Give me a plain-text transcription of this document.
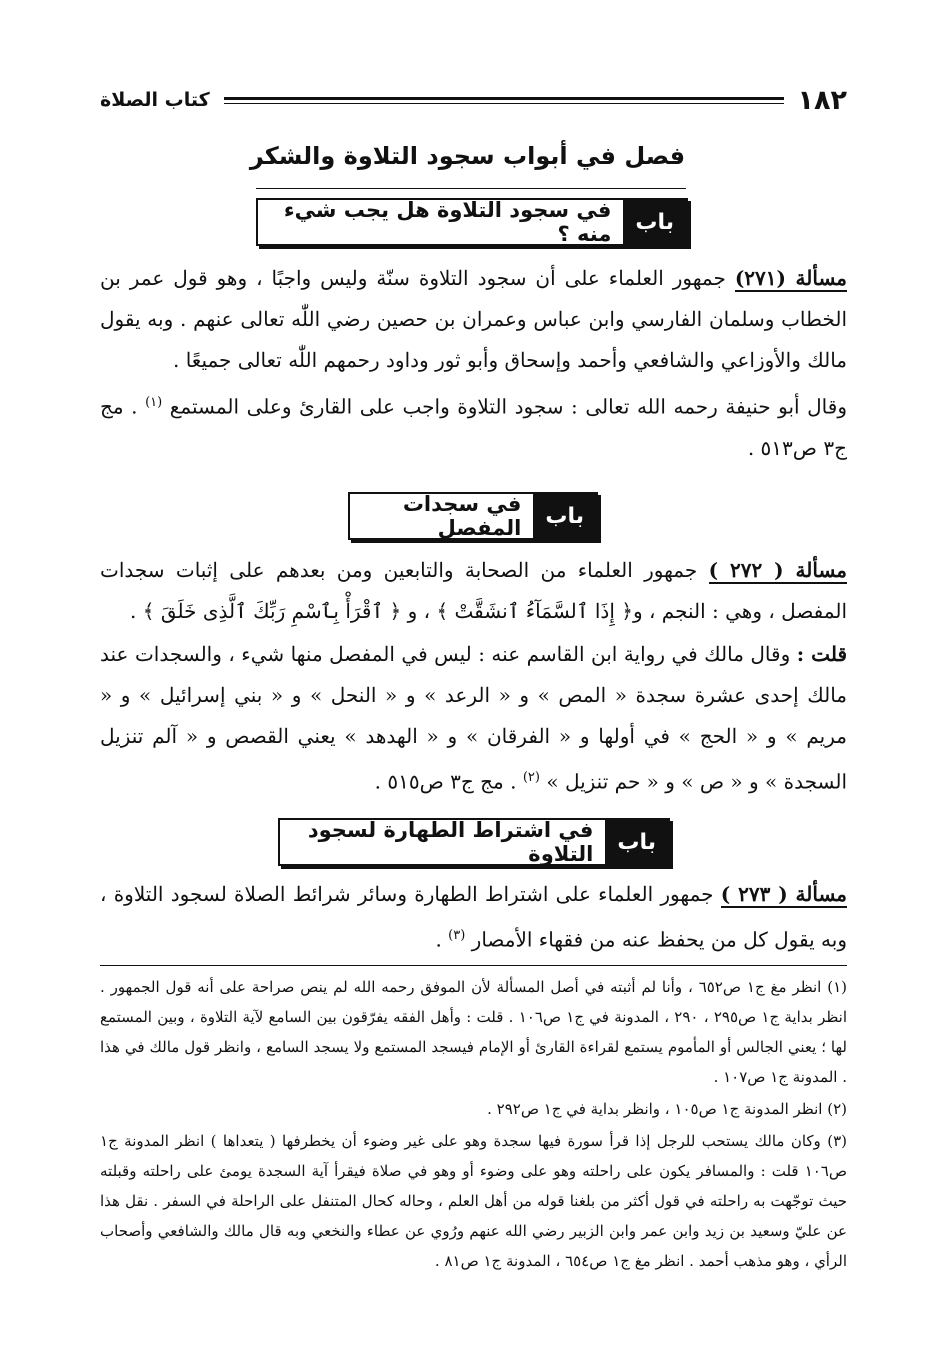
١٨٢
كتاب الصلاة
فصل في أبواب سجود التلاوة والشكر
باب
في سجود التلاوة هل يجب شيء منه ؟
مسألة (٢٧١) جمهور العلماء على أن سجود التلاوة سنّة وليس واجبًا ، وهو قول عمر بن الخطاب وسلمان الفارسي وابن عباس وعمران بن حصين رضي اللّٰه تعالى عنهم . وبه يقول مالك والأوزاعي والشافعي وأحمد وإسحاق وأبو ثور وداود رحمهم اللّٰه تعالى جميعًا .
وقال أبو حنيفة رحمه الله تعالى : سجود التلاوة واجب على القارئ وعلى المستمع $^{(١)}$ . مج ج٣ ص٥١٣ .
باب
في سجدات المفصل
مسألة ( ٢٧٢ ) جمهور العلماء من الصحابة والتابعين ومن بعدهم على إثبات سجدات المفصل ، وهي : النجم ، و﴿ إِذَا ٱلسَّمَآءُ ٱنشَقَّتْ ﴾ ، و ﴿ ٱقْرَأْ بِٱسْمِ رَبِّكَ ٱلَّذِى خَلَقَ ﴾ .
قلت : وقال مالك في رواية ابن القاسم عنه : ليس في المفصل منها شيء ، والسجدات عند مالك إحدى عشرة سجدة « المص » و « الرعد » و « النحل » و « بني إسرائيل » و « مريم » و « الحج » في أولها و « الفرقان » و « الهدهد » يعني القصص و « آلم تنزيل السجدة » و « ص » و « حم تنزيل » $^{(٢)}$ . مج ج٣ ص٥١٥ .
باب
في اشتراط الطهارة لسجود التلاوة
مسألة ( ٢٧٣ ) جمهور العلماء على اشتراط الطهارة وسائر شرائط الصلاة لسجود التلاوة ، وبه يقول كل من يحفظ عنه من فقهاء الأمصار $^{(٣)}$ .
(١) انظر مغ ج١ ص٦٥٢ ، وأنا لم أثبته في أصل المسألة لأن الموفق رحمه الله لم ينص صراحة على أنه قول الجمهور . انظر بداية ج١ ص٢٩٥ ، ٢٩٠ ، المدونة في ج١ ص١٠٦ . قلت : وأهل الفقه يفرّقون بين السامع لآية التلاوة ، وبين المستمع لها ؛ يعني الجالس أو المأموم يستمع لقراءة القارئ أو الإمام فيسجد المستمع ولا يسجد السامع ، وانظر قول مالك في هذا . المدونة ج١ ص١٠٧ .
(٢) انظر المدونة ج١ ص١٠٥ ، وانظر بداية في ج١ ص٢٩٢ .
(٣) وكان مالك يستحب للرجل إذا قرأ سورة فيها سجدة وهو على غير وضوء أن يخطرفها ( يتعداها ) انظر المدونة ج١ ص١٠٦ قلت : والمسافر يكون على راحلته وهو على وضوء أو وهو في صلاة فيقرأ آية السجدة يومئ على راحلته وقبلته حيث توجّهت به راحلته في قول أكثر من بلغنا قوله من أهل العلم ، وحاله كحال المتنفل على الراحلة في السفر . نقل هذا عن عليّ وسعيد بن زيد وابن عمر وابن الزبير رضي الله عنهم ورُوي عن عطاء والنخعي وبه قال مالك والشافعي وأصحاب الرأي ، وهو مذهب أحمد . انظر مغ ج١ ص٦٥٤ ، المدونة ج١ ص٨١ .
